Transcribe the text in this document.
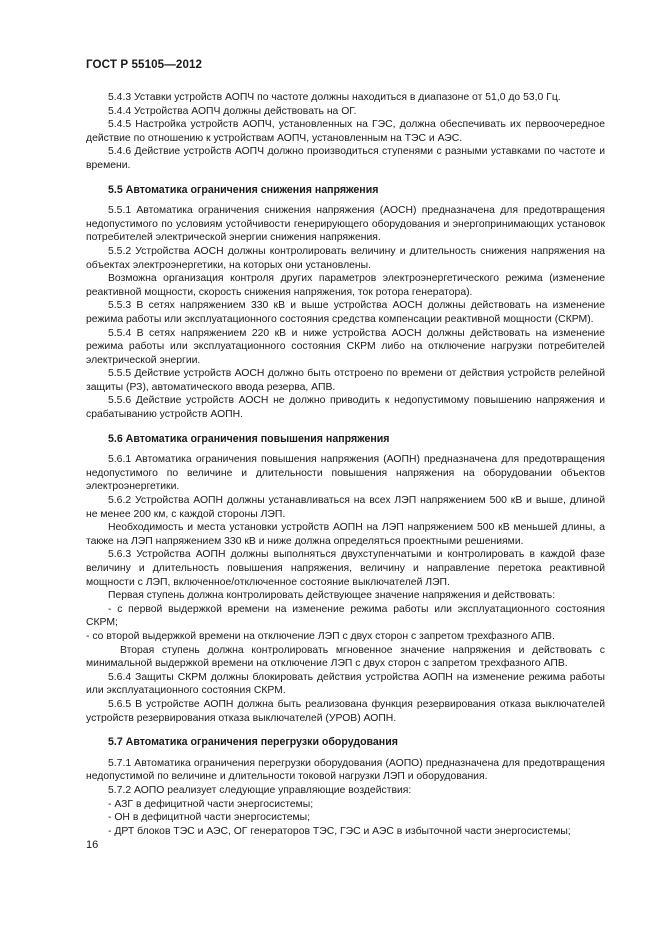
ГОСТ Р 55105—2012

5.4.3 Уставки устройств АОПЧ по частоте должны находиться в диапазоне от 51,0 до 53,0 Гц.

5.4.4 Устройства АОПЧ должны действовать на ОГ.

5.4.5 Настройка устройств АОПЧ, установленных на ГЭС, должна обеспечивать их первоочередное действие по отношению к устройствам АОПЧ, установленным на ТЭС и АЭС.

5.4.6 Действие устройств АОПЧ должно производиться ступенями с разными уставками по частоте и времени.

5.5 Автоматика ограничения снижения напряжения

5.5.1 Автоматика ограничения снижения напряжения (АОСН) предназначена для предотвращения недопустимого по условиям устойчивости генерирующего оборудования и энергопринимающих установок потребителей электрической энергии снижения напряжения.

5.5.2 Устройства АОСН должны контролировать величину и длительность снижения напряжения на объектах электроэнергетики, на которых они установлены.

Возможна организация контроля других параметров электроэнергетического режима (изменение реактивной мощности, скорость снижения напряжения, ток ротора генератора).

5.5.3 В сетях напряжением 330 кВ и выше устройства АОСН должны действовать на изменение режима работы или эксплуатационного состояния средства компенсации реактивной мощности (СКРМ).

5.5.4 В сетях напряжением 220 кВ и ниже устройства АОСН должны действовать на изменение режима работы или эксплуатационного состояния СКРМ либо на отключение нагрузки потребителей электрической энергии.

5.5.5 Действие устройств АОСН должно быть отстроено по времени от действия устройств релейной защиты (РЗ), автоматического ввода резерва, АПВ.

5.5.6 Действие устройств АОСН не должно приводить к недопустимому повышению напряжения и срабатыванию устройств АОПН.

5.6 Автоматика ограничения повышения напряжения

5.6.1 Автоматика ограничения повышения напряжения (АОПН) предназначена для предотвращения недопустимого по величине и длительности повышения напряжения на оборудовании объектов электроэнергетики.

5.6.2 Устройства АОПН должны устанавливаться на всех ЛЭП напряжением 500 кВ и выше, длиной не менее 200 км, с каждой стороны ЛЭП.

Необходимость и места установки устройств АОПН на ЛЭП напряжением 500 кВ меньшей длины, а также на ЛЭП напряжением 330 кВ и ниже должна определяться проектными решениями.

5.6.3 Устройства АОПН должны выполняться двухступенчатыми и контролировать в каждой фазе величину и длительность повышения напряжения, величину и направление перетока реактивной мощности с ЛЭП, включенное/отключенное состояние выключателей ЛЭП.

Первая ступень должна контролировать действующее значение напряжения и действовать:

- с первой выдержкой времени на изменение режима работы или эксплуатационного состояния СКРМ;

- со второй выдержкой времени на отключение ЛЭП с двух сторон с запретом трехфазного АПВ.

Вторая ступень должна контролировать мгновенное значение напряжения и действовать с минимальной выдержкой времени на отключение ЛЭП с двух сторон с запретом трехфазного АПВ.

5.6.4 Защиты СКРМ должны блокировать действия устройства АОПН на изменение режима работы или эксплуатационного состояния СКРМ.

5.6.5 В устройстве АОПН должна быть реализована функция резервирования отказа выключателей устройств резервирования отказа выключателей (УРОВ) АОПН.

5.7 Автоматика ограничения перегрузки оборудования

5.7.1 Автоматика ограничения перегрузки оборудования (АОПО) предназначена для предотвращения недопустимой по величине и длительности токовой нагрузки ЛЭП и оборудования.

5.7.2 АОПО реализует следующие управляющие воздействия:

- АЗГ в дефицитной части энергосистемы;

- ОН в дефицитной части энергосистемы;

- ДРТ блоков ТЭС и АЭС, ОГ генераторов ТЭС, ГЭС и АЭС в избыточной части энергосистемы;

16
